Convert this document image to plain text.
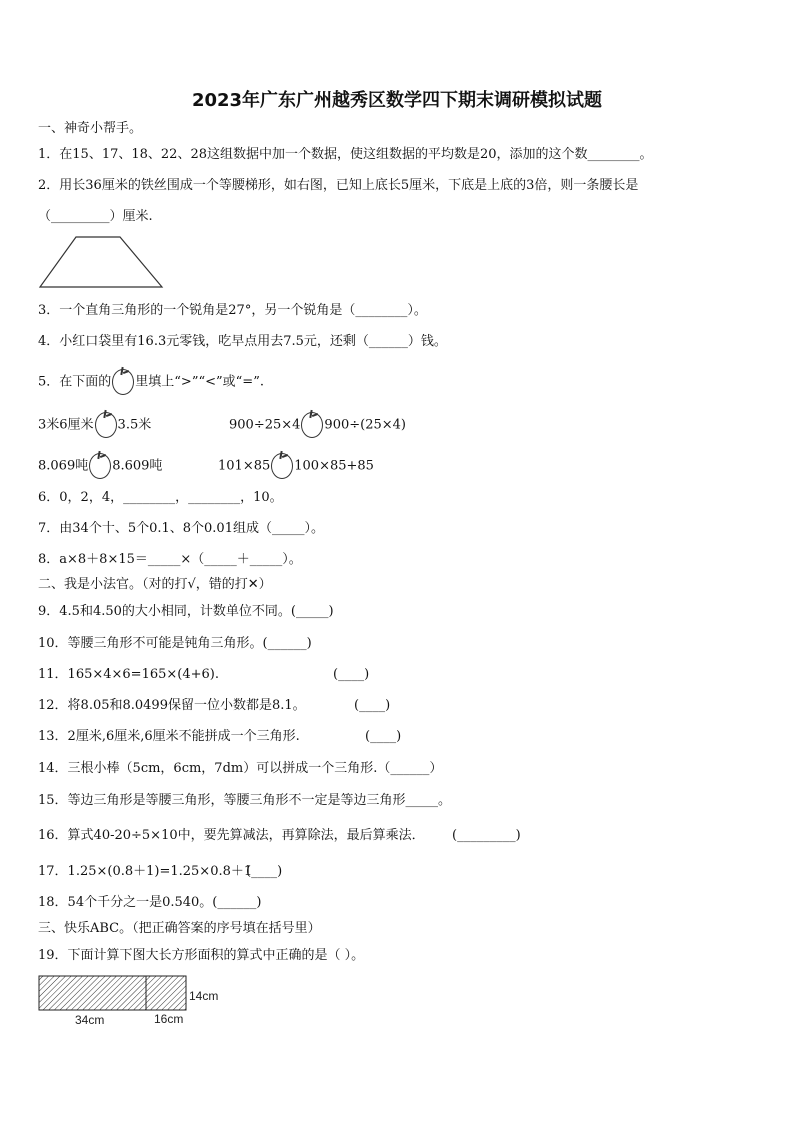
2023年广东广州越秀区数学四下期末调研模拟试题
一、神奇小帮手。
1．在15、17、18、22、28这组数据中加一个数据，使这组数据的平均数是20，添加的这个数________。
2．用长36厘米的铁丝围成一个等腰梯形，如右图，已知上底长5厘米，下底是上底的3倍，则一条腰长是
（_________）厘米.
3．一个直角三角形的一个锐角是27°，另一个锐角是（________）。
4．小红口袋里有16.3元零钱，吃早点用去7.5元，还剩（______）钱。
5．在下面的 里填上“>”“<”或“=”.
3米6厘米 3.5米	900÷25×4 900÷(25×4)
8.069吨 8.609吨	101×85 100×85+85
6．0，2，4，________，________，10。
7．由34个十、5个0.1、8个0.01组成（_____）。
8．a×8＋8×15＝_____×（_____＋_____）。
二、我是小法官。（对的打√，错的打✕）
9．4.5和4.50的大小相同，计数单位不同。(_____)
10．等腰三角形不可能是钝角三角形。(______)
11．165×4×6=165×(4+6).	(____)
12．将8.05和8.0499保留一位小数都是8.1。	(____)
13．2厘米,6厘米,6厘米不能拼成一个三角形.	(____)
14．三根小棒（5cm，6cm，7dm）可以拼成一个三角形.（______）
15．等边三角形是等腰三角形，等腰三角形不一定是等边三角形_____。
16．算式40-20÷5×10中，要先算减法，再算除法，最后算乘法． (_________)
17．1.25×(0.8＋1)=1.25×0.8＋1
(____)
18．54个千分之一是0.540。(______)
三、快乐ABC。（把正确答案的序号填在括号里）
19．下面计算下图大长方形面积的算式中正确的是（ ）。
14cm
34cm	16cm
